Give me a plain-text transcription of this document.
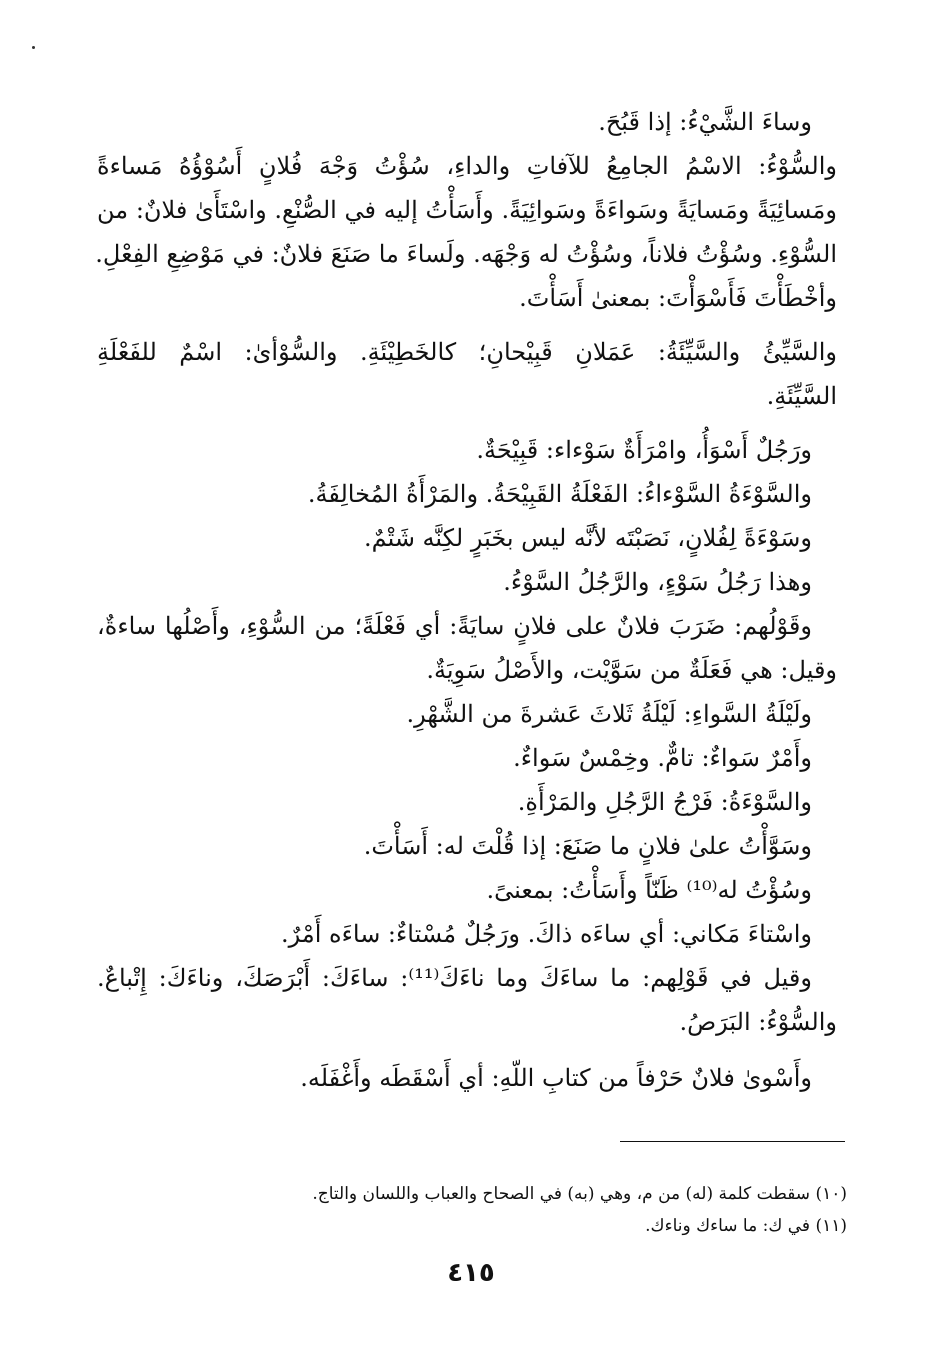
وساءَ الشَّيْءُ: إذا قَبُحَ.
والسُّوْءُ: الاسْمُ الجامِعُ للآفاتِ والداءِ، سُؤْتُ وَجْهَ فُلانٍ أَسُوْؤُهُ مَساءةً
ومَسائِيَةً ومَسايَةً وسَواءَةً وسَوائِيَةً. وأَسَأْتُ إليه في الصُّنْعِ. واسْتَأَىٰ فلانٌ: من
السُّوْءِ. وسُؤْتُ فلاناً، وسُؤْتُ له وَجْهَه. ولَساءَ ما صَنَعَ فلانٌ: في مَوْضِعِ الفِعْلِ.
وأخْطَأْتَ فَأَسْوَأْتَ: بمعنىٰ أَسَأْتَ.
والسَّيِّئُ والسَّيِّئَةُ: عَمَلانِ قَبِيْحانِ؛ كالخَطِيْئَةِ. والسُّوْأىٰ: اسْمٌ للفَعْلَةِ
السَّيِّئَةِ.
ورَجُلٌ أَسْوَأُ، وامْرَأَةٌ سَوْءاء: قَبِيْحَةٌ.
والسَّوْءَةُ السَّوْءاءُ: الفَعْلَةُ القَبِيْحَةُ. والمَرْأَةُ المُخالِفَةُ.
وسَوْءَةً لِفُلانٍ، نَصَبْتَه لأنَّه ليس بخَبَرٍ لكِنَّه شَتْمٌ.
وهذا رَجُلُ سَوْءٍ، والرَّجُلُ السَّوْءُ.
وقَوْلُهم: ضَرَبَ فلانٌ على فلانٍ سايَةً: أي فَعْلَةً؛ من السُّوْءِ، وأَصْلُها ساءةٌ،
وقيل: هي فَعَلَةٌ من سَوَّيْت، والأَصْلُ سَوِيَةٌ.
ولَيْلَةُ السَّواءِ: لَيْلَةُ ثَلاثَ عَشرةَ من الشَّهْرِ.
وأَمْرٌ سَواءٌ: تامٌّ. وخِمْسٌ سَواءٌ.
والسَّوْءَةُ: فَرْجُ الرَّجُلِ والمَرْأَةِ.
وسَوَّأْتُ علىٰ فلانٍ ما صَنَعَ: إذا قُلْتَ له: أَسَأْتَ.
وسُؤْتُ له⁽¹⁰⁾ ظَنّاً وأَسَأْتُ: بمعنىً.
واسْتاءَ مَكاني: أي ساءَه ذاكَ. ورَجُلٌ مُسْتاءٌ: ساءَه أَمْرٌ.
وقيل في قَوْلِهم: ما ساءَكَ وما ناءَكَ⁽¹¹⁾: ساءَكَ: أَبْرَصَكَ، وناءَكَ: إِتْباعٌ.
والسُّوْءُ: البَرَصُ.
وأَسْوىٰ فلانٌ حَرْفاً من كتابِ اللّهِ: أي أَسْقَطَه وأَغْفَلَه.
(١٠) سقطت كلمة (له) من م، وهي (به) في الصحاح والعباب واللسان والتاج.
(١١) في ك: ما ساءك وناءك.
٤١٥
